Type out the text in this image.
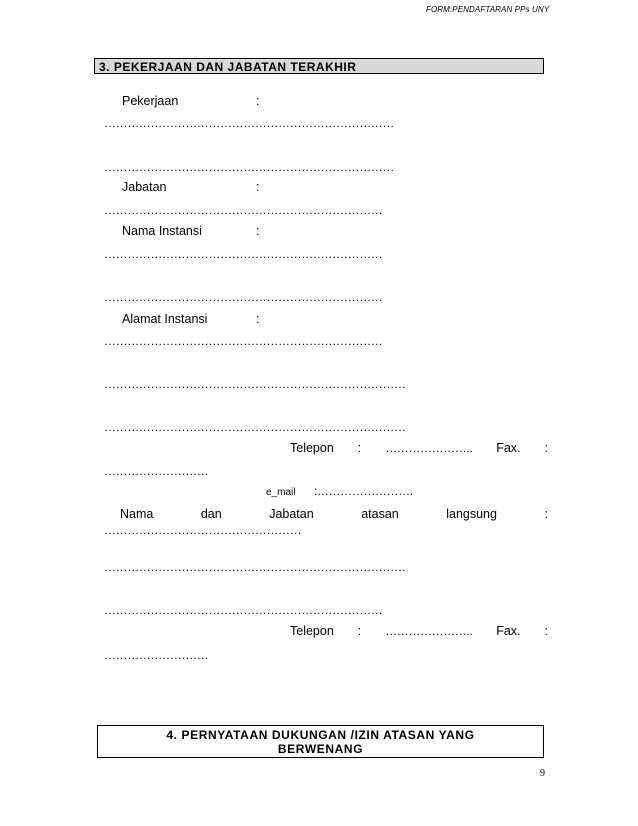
FORM:PENDAFTARAN PPs UNY
3. PEKERJAAN DAN JABATAN TERAKHIR
Pekerjaan	:
…………………………………………………………………
…………………………………………………………………
Jabatan	:
………………………………………………………………
Nama Instansi	:
………………………………………………………………
………………………………………………………………
Alamat Instansi	:
………………………………………………………………
……………………………………………………………………
……………………………………………………………………
Telepon : ………………….. Fax. :
………………………
e_mail :…………………….
Nama	dan	Jabatan	atasan	langsung	:
……………………………………………
……………………………………………………………………
………………………………………………………………
Telepon : ………………….. Fax. :
………………………
4. PERNYATAAN DUKUNGAN /IZIN ATASAN YANG
BERWENANG
9
